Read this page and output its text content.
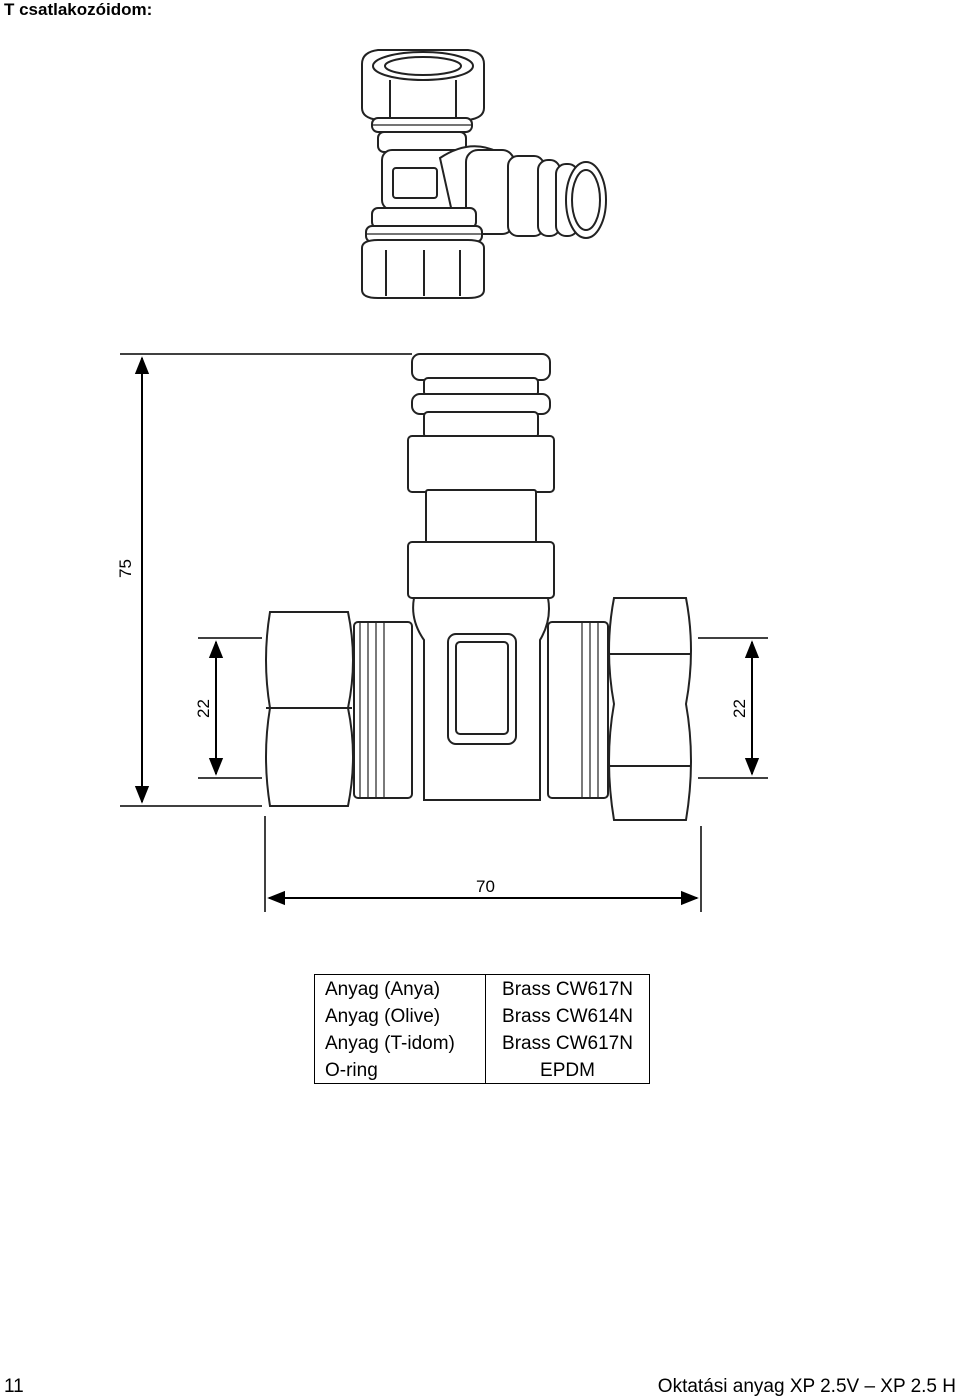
T csatlakozóidom:
75
22	22
70
Anyag (Anya)	Brass CW617N
Anyag (Olive)	Brass CW614N
Anyag (T-idom)	Brass CW617N
O-ring	EPDM
11	Oktatási anyag XP 2.5V – XP 2.5 H
